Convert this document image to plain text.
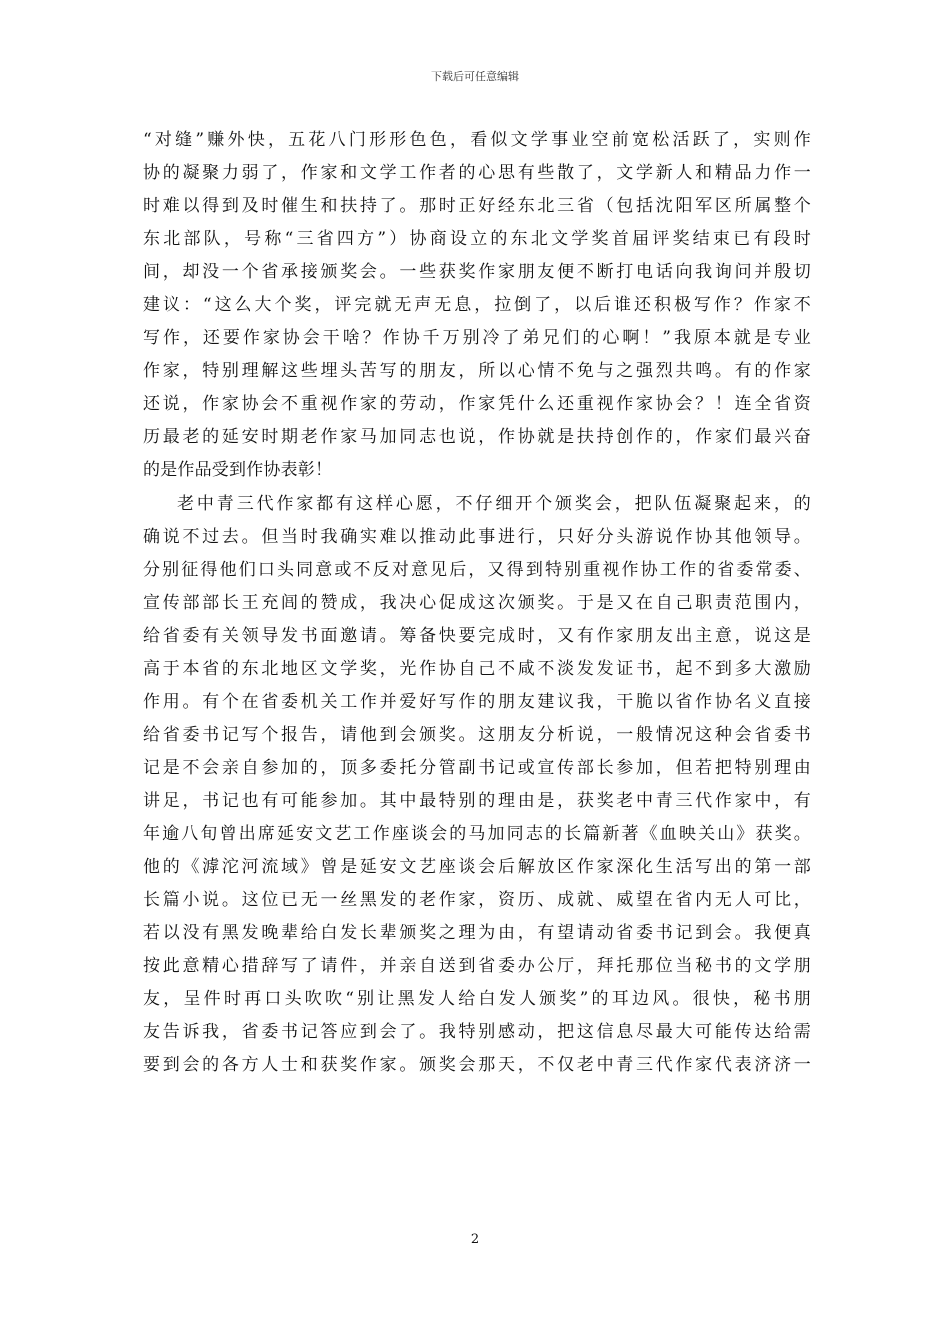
下载后可任意编辑
“对缝”赚外快，五花八门形形色色，看似文学事业空前宽松活跃了，实则作
协的凝聚力弱了，作家和文学工作者的心思有些散了，文学新人和精品力作一
时难以得到及时催生和扶持了。那时正好经东北三省（包括沈阳军区所属整个
东北部队，号称“三省四方”）协商设立的东北文学奖首届评奖结束已有段时
间，却没一个省承接颁奖会。一些获奖作家朋友便不断打电话向我询问并殷切
建议：“这么大个奖，评完就无声无息，拉倒了，以后谁还积极写作？作家不
写作，还要作家协会干啥？作协千万别冷了弟兄们的心啊！”我原本就是专业
作家，特别理解这些埋头苦写的朋友，所以心情不免与之强烈共鸣。有的作家
还说，作家协会不重视作家的劳动，作家凭什么还重视作家协会？！连全省资
历最老的延安时期老作家马加同志也说，作协就是扶持创作的，作家们最兴奋
的是作品受到作协表彰！
老中青三代作家都有这样心愿，不仔细开个颁奖会，把队伍凝聚起来，的
确说不过去。但当时我确实难以推动此事进行，只好分头游说作协其他领导。
分别征得他们口头同意或不反对意见后，又得到特别重视作协工作的省委常委、
宣传部部长王充闾的赞成，我决心促成这次颁奖。于是又在自己职责范围内，
给省委有关领导发书面邀请。筹备快要完成时，又有作家朋友出主意，说这是
高于本省的东北地区文学奖，光作协自己不咸不淡发发证书，起不到多大激励
作用。有个在省委机关工作并爱好写作的朋友建议我，干脆以省作协名义直接
给省委书记写个报告，请他到会颁奖。这朋友分析说，一般情况这种会省委书
记是不会亲自参加的，顶多委托分管副书记或宣传部长参加，但若把特别理由
讲足，书记也有可能参加。其中最特别的理由是，获奖老中青三代作家中，有
年逾八旬曾出席延安文艺工作座谈会的马加同志的长篇新著《血映关山》获奖。
他的《滹沱河流域》曾是延安文艺座谈会后解放区作家深化生活写出的第一部
长篇小说。这位已无一丝黑发的老作家，资历、成就、威望在省内无人可比，
若以没有黑发晚辈给白发长辈颁奖之理为由，有望请动省委书记到会。我便真
按此意精心措辞写了请件，并亲自送到省委办公厅，拜托那位当秘书的文学朋
友，呈件时再口头吹吹“别让黑发人给白发人颁奖”的耳边风。很快，秘书朋
友告诉我，省委书记答应到会了。我特别感动，把这信息尽最大可能传达给需
要到会的各方人士和获奖作家。颁奖会那天，不仅老中青三代作家代表济济一
2
